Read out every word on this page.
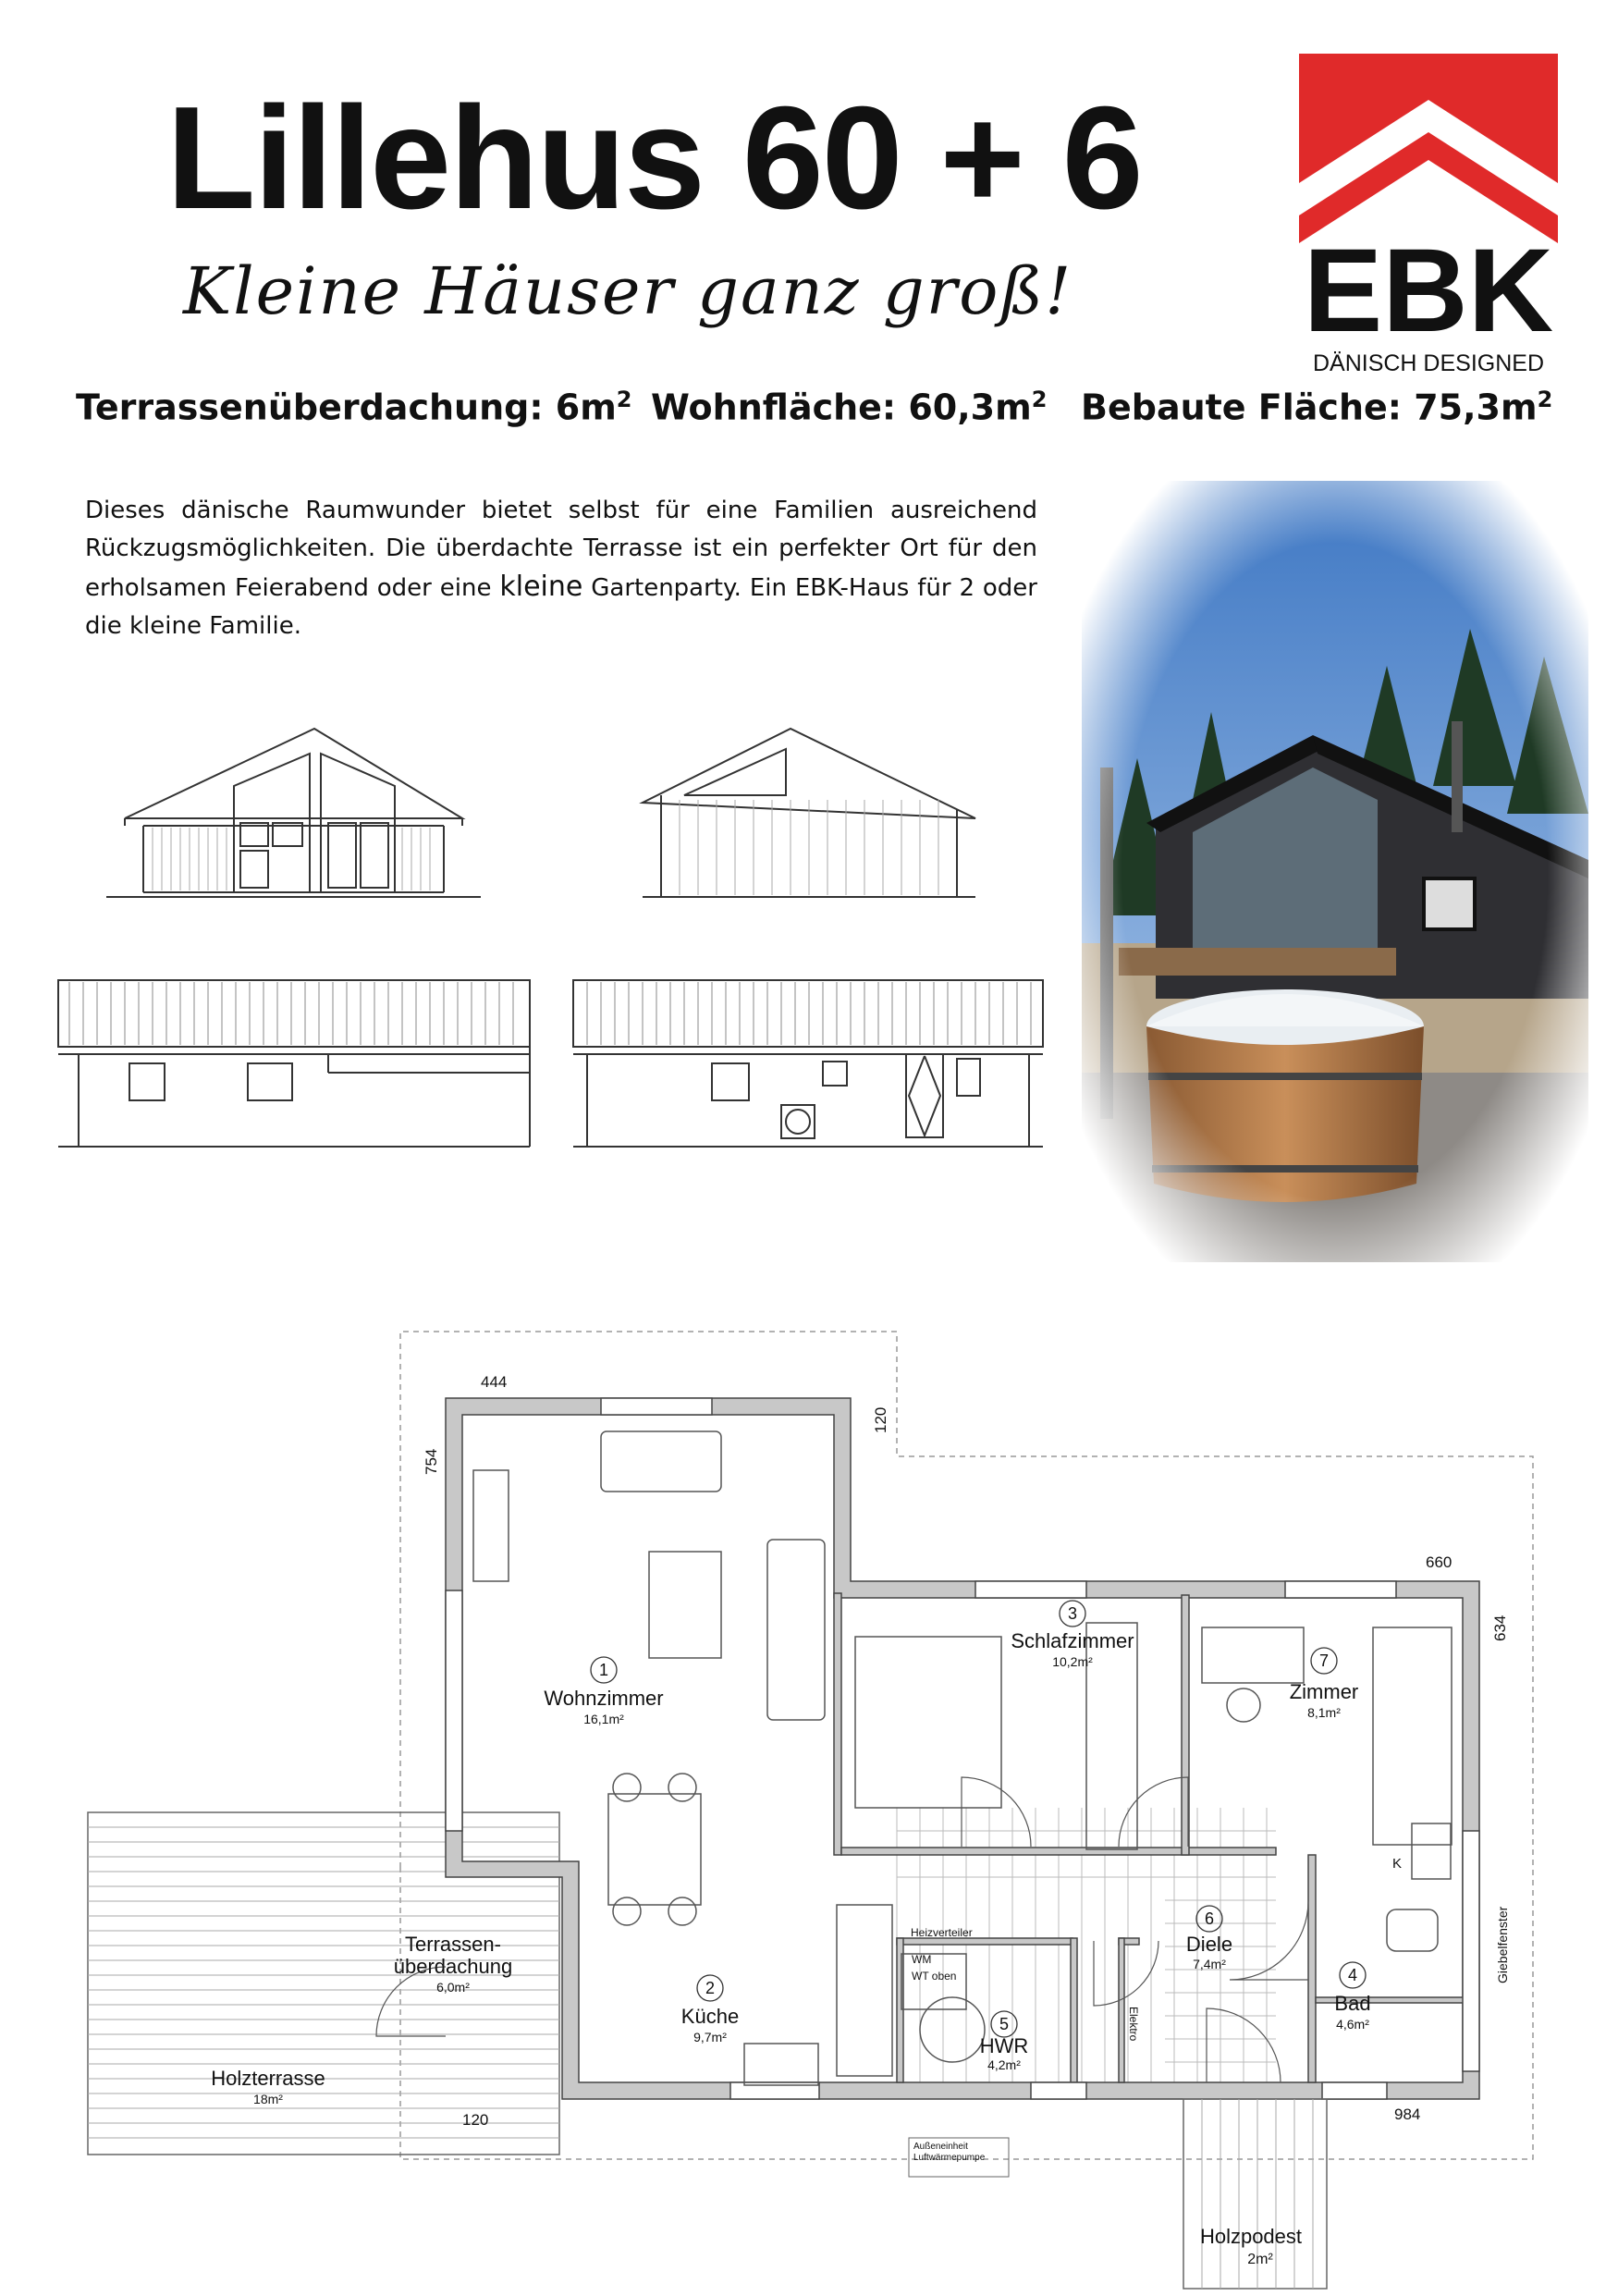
Lillehus 60 + 6
Kleine Häuser ganz groß! EBK
DÄNISCH DESIGNED
Terrassenüberdachung: $6m^2$ Wohnfläche: $60,3m^2$ Bebaute Fläche: $75,3m^2$
Dieses dänische Raumwunder bietet selbst für eine Familien ausreichend Rückzugsmöglichkeiten. Die überdachte Terrasse ist ein perfekter Ort für den erholsamen Feierabend oder eine kleine Gartenparty. Ein EBK-Haus für 2 oder die kleine Familie.
444
754
120
660
634
120	984
1
Wohnzimmer
16,1m²
2
Küche
9,7m²
3
Schlafzimmer
10,2m²
4
Bad
4,6m²
5
HWR
4,2m²
6
Diele
7,4m²
7
Zimmer
8,1m²
Terrassen-
überdachung
6,0m²
Holzterrasse
18m²
Holzpodest
2m²
Heizverteiler
WM
WT oben
Elektro
K
Giebelfenster
Außeneinheit
Luftwärmepumpe
